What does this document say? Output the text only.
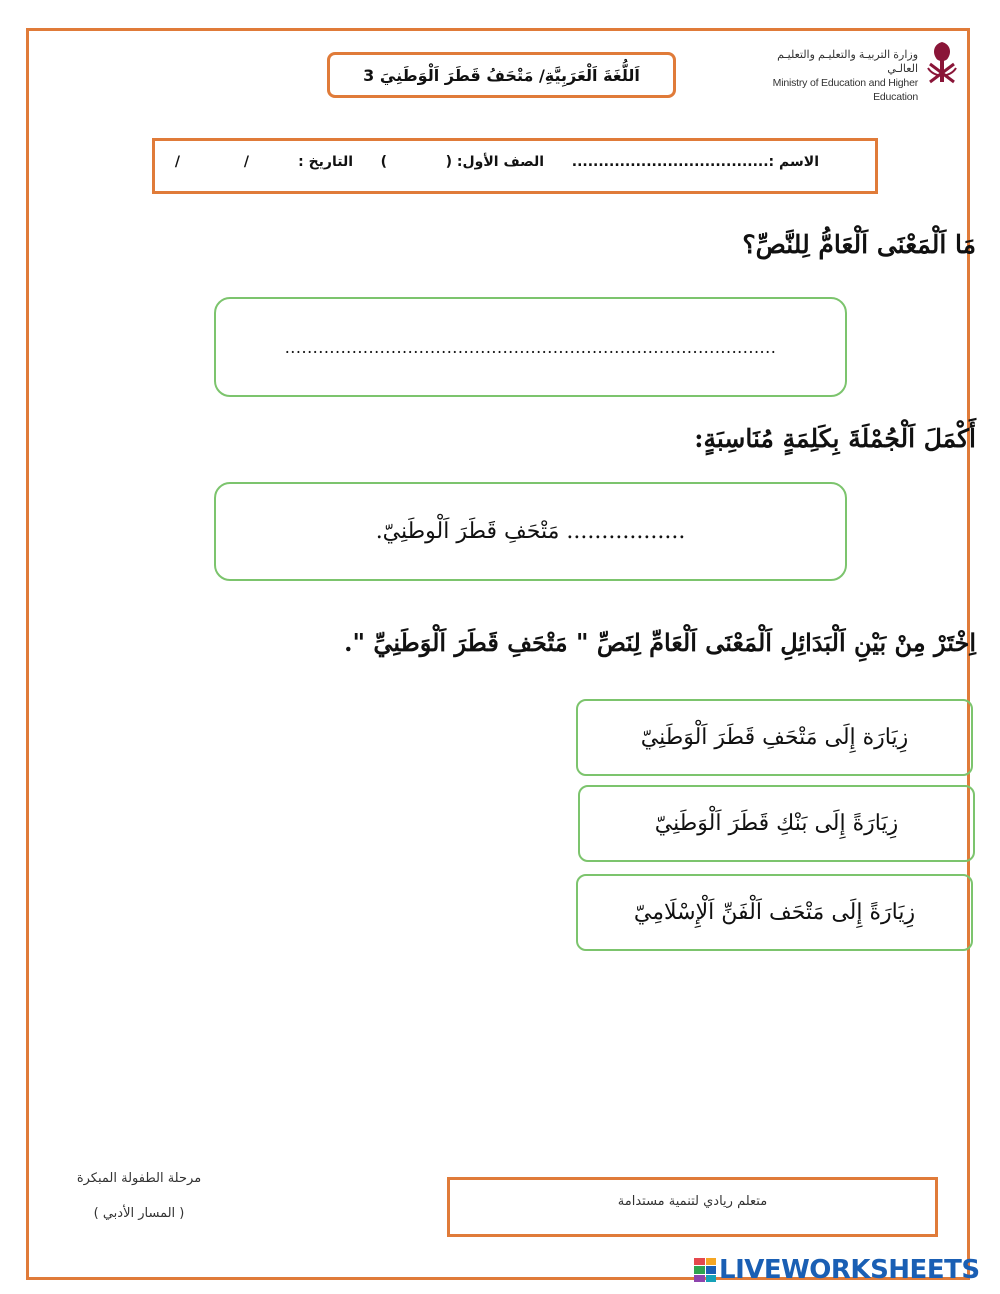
وزارة التربيـة والتعليـم والتعليـم العالـي
Ministry of Education and Higher Education
اَللُّغَةَ اَلْعَرَبِيَّةِ/ مَتْحَفُ قَطَرَ اَلْوَطَنِيَ 3
الاسم :.....................................
الصف الأول: (
)
التاريخ :
/
/
مَا اَلْمَعْنَى اَلْعَامُّ لِلنَّصِّ؟
........................................................................................
أَكْمَلَ اَلْجُمْلَةَ بِكَلِمَةٍ مُنَاسِبَةٍ:
................. مَتْحَفِ قَطَرَ اَلْوطَنِيّ.
اِخْتَرْ مِنْ بَيْنِ اَلْبَدَائِلِ اَلْمَعْنَى اَلْعَامِّ لِنَصِّ " مَتْحَفِ قَطَرَ اَلْوَطَنِيِّ ".
زِيَارَة إِلَى مَتْحَفِ قَطَرَ اَلْوَطَنِيّ
زِيَارَةً إِلَى بَنْكِ قَطَرَ اَلْوَطَنِيّ
زِيَارَةً إِلَى مَتْحَف اَلْفَنِّ اَلْإِسْلَامِيّ
مرحلة الطفولة المبكرة
( المسار الأدبي )
متعلم ريادي لتنمية مستدامة
LIVEWORKSHEETS
